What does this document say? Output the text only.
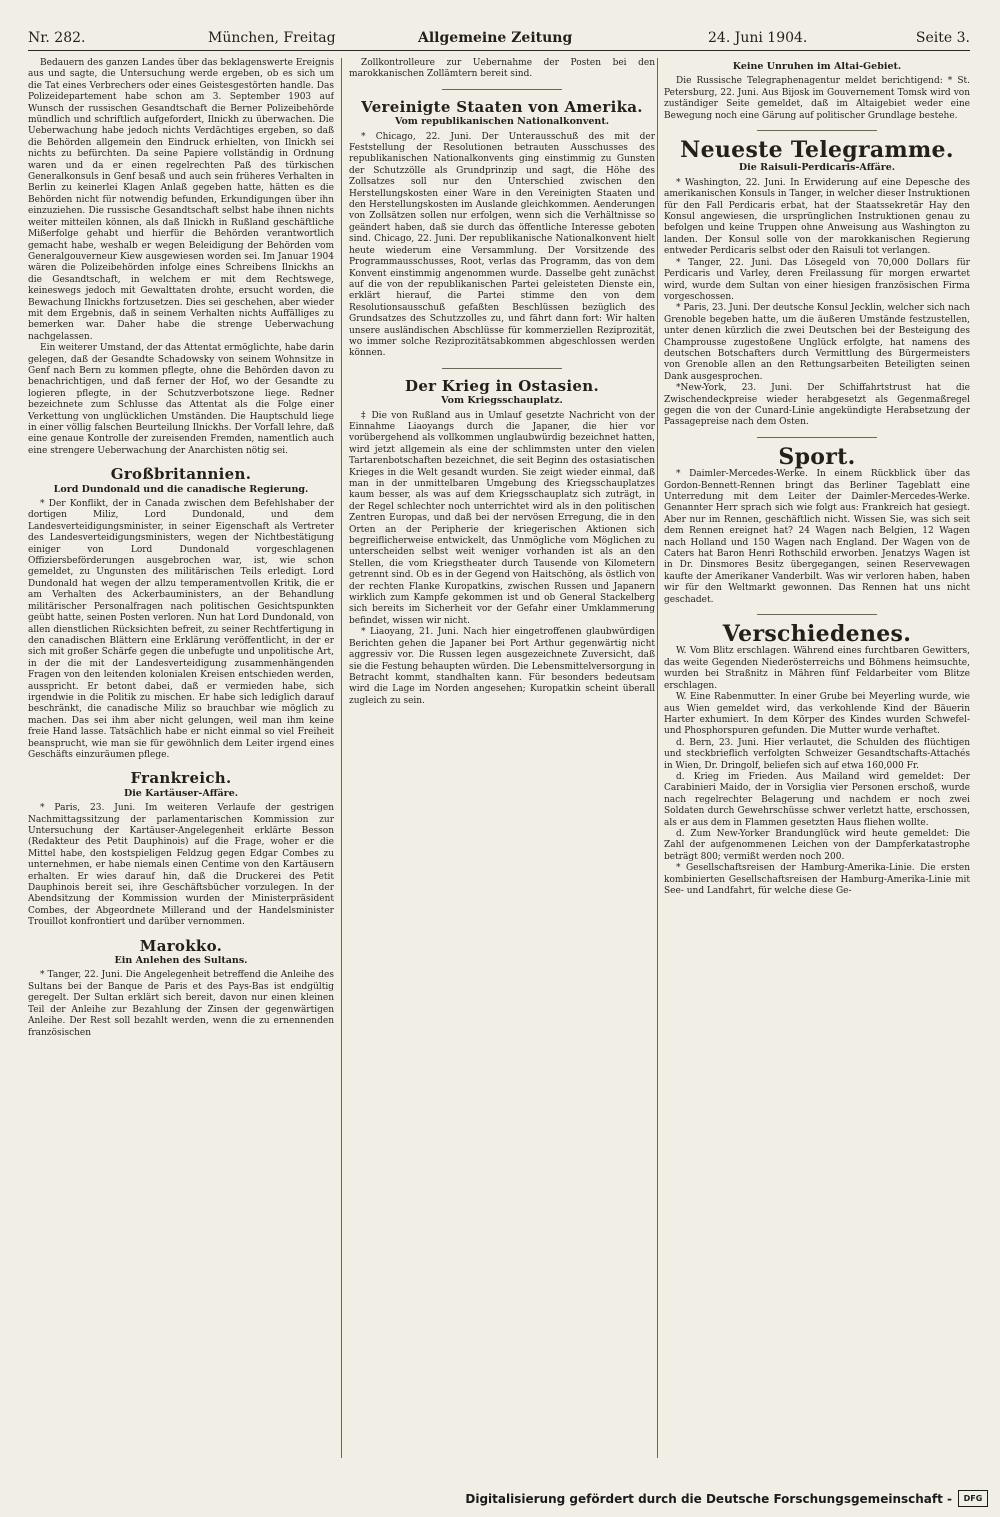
Nr. 282.	München, Freitag	Allgemeine Zeitung	24. Juni 1904.	Seite 3.

Bedauern des ganzen Landes über das beklagenswerte Ereignis aus und sagte, die Untersuchung werde ergeben, ob es sich um die Tat eines Verbrechers oder eines Geistesgestörten handle. Das Polizeidepartement habe schon am 3. September 1903 auf Wunsch der russischen Gesandtschaft die Berner Polizeibehörde mündlich und schriftlich aufgefordert, Ilnickh zu überwachen. Die Ueberwachung habe jedoch nichts Verdächtiges ergeben, so daß die Behörden allgemein den Eindruck erhielten, von Ilnickh sei nichts zu befürchten. Da seine Papiere vollständig in Ordnung waren und da er einen regelrechten Paß des türkischen Generalkonsuls in Genf besaß und auch sein früheres Verhalten in Berlin zu keinerlei Klagen Anlaß gegeben hatte, hätten es die Behörden nicht für notwendig befunden, Erkundigungen über ihn einzuziehen. Die russische Gesandtschaft selbst habe ihnen nichts weiter mitteilen können, als daß Ilnickh in Rußland geschäftliche Mißerfolge gehabt und hierfür die Behörden verantwortlich gemacht habe, weshalb er wegen Beleidigung der Behörden vom Generalgouverneur Kiew ausgewiesen worden sei. Im Januar 1904 wären die Polizeibehörden infolge eines Schreibens Ilnickhs an die Gesandtschaft, in welchem er mit dem Rechtswege, keineswegs jedoch mit Gewalttaten drohte, ersucht worden, die Bewachung Ilnickhs fortzusetzen. Dies sei geschehen, aber wieder mit dem Ergebnis, daß in seinem Verhalten nichts Auffälliges zu bemerken war. Daher habe die strenge Ueberwachung nachgelassen.

Ein weiterer Umstand, der das Attentat ermöglichte, habe darin gelegen, daß der Gesandte Schadowsky von seinem Wohnsitze in Genf nach Bern zu kommen pflegte, ohne die Behörden davon zu benachrichtigen, und daß ferner der Hof, wo der Gesandte zu logieren pflegte, in der Schutzverbotszone liege. Redner bezeichnete zum Schlusse das Attentat als die Folge einer Verkettung von unglücklichen Umständen. Die Hauptschuld liege in einer völlig falschen Beurteilung Ilnickhs. Der Vorfall lehre, daß eine genaue Kontrolle der zureisenden Fremden, namentlich auch eine strengere Ueberwachung der Anarchisten nötig sei.

Großbritannien.
Lord Dundonald und die canadische Regierung.

* Der Konflikt, der in Canada zwischen dem Befehlshaber der dortigen Miliz, Lord Dundonald, und dem Landesverteidigungsminister, in seiner Eigenschaft als Vertreter des Landesverteidigungsministers, wegen der Nichtbestätigung einiger von Lord Dundonald vorgeschlagenen Offiziersbeförderungen ausgebrochen war, ist, wie schon gemeldet, zu Ungunsten des militärischen Teils erledigt. Lord Dundonald hat wegen der allzu temperamentvollen Kritik, die er am Verhalten des Ackerbauministers, an der Behandlung militärischer Personalfragen nach politischen Gesichtspunkten geübt hatte, seinen Posten verloren. Nun hat Lord Dundonald, von allen dienstlichen Rücksichten befreit, zu seiner Rechtfertigung in den canadischen Blättern eine Erklärung veröffentlicht, in der er sich mit großer Schärfe gegen die unbefugte und unpolitische Art, in der die mit der Landesverteidigung zusammenhängenden Fragen von den leitenden kolonialen Kreisen entschieden werden, ausspricht. Er betont dabei, daß er vermieden habe, sich irgendwie in die Politik zu mischen. Er habe sich lediglich darauf beschränkt, die canadische Miliz so brauchbar wie möglich zu machen. Das sei ihm aber nicht gelungen, weil man ihm keine freie Hand lasse. Tatsächlich habe er nicht einmal so viel Freiheit beansprucht, wie man sie für gewöhnlich dem Leiter irgend eines Geschäfts einzuräumen pflege.

Frankreich.
Die Kartäuser-Affäre.

* Paris, 23. Juni. Im weiteren Verlaufe der gestrigen Nachmittagssitzung der parlamentarischen Kommission zur Untersuchung der Kartäuser-Angelegenheit erklärte Besson (Redakteur des Petit Dauphinois) auf die Frage, woher er die Mittel habe, den kostspieligen Feldzug gegen Edgar Combes zu unternehmen, er habe niemals einen Centime von den Kartäusern erhalten. Er wies darauf hin, daß die Druckerei des Petit Dauphinois bereit sei, ihre Geschäftsbücher vorzulegen. In der Abendsitzung der Kommission wurden der Ministerpräsident Combes, der Abgeordnete Millerand und der Handelsminister Trouillot konfrontiert und darüber vernommen.

Marokko.
Ein Anlehen des Sultans.

* Tanger, 22. Juni. Die Angelegenheit betreffend die Anleihe des Sultans bei der Banque de Paris et des Pays-Bas ist endgültig geregelt. Der Sultan erklärt sich bereit, davon nur einen kleinen Teil der Anleihe zur Bezahlung der Zinsen der gegenwärtigen Anleihe. Der Rest soll bezahlt werden, wenn die zu ernennenden französischen

Zollkontrolleure zur Uebernahme der Posten bei den marokkanischen Zollämtern bereit sind.

Vereinigte Staaten von Amerika.
Vom republikanischen Nationalkonvent.

* Chicago, 22. Juni. Der Unterausschuß des mit der Feststellung der Resolutionen betrauten Ausschusses des republikanischen Nationalkonvents ging einstimmig zu Gunsten der Schutzzölle als Grundprinzip und sagt, die Höhe des Zollsatzes soll nur den Unterschied zwischen den Herstellungskosten einer Ware in den Vereinigten Staaten und den Herstellungskosten im Auslande gleichkommen. Aenderungen von Zollsätzen sollen nur erfolgen, wenn sich die Verhältnisse so geändert haben, daß sie durch das öffentliche Interesse geboten sind. Chicago, 22. Juni. Der republikanische Nationalkonvent hielt heute wiederum eine Versammlung. Der Vorsitzende des Programmausschusses, Root, verlas das Programm, das von dem Konvent einstimmig angenommen wurde. Dasselbe geht zunächst auf die von der republikanischen Partei geleisteten Dienste ein, erklärt hierauf, die Partei stimme den von dem Resolutionsausschuß gefaßten Beschlüssen bezüglich des Grundsatzes des Schutzzolles zu, und fährt dann fort: Wir halten unsere ausländischen Abschlüsse für kommerziellen Reziprozität, wo immer solche Reziprozitätsabkommen abgeschlossen werden können.

Der Krieg in Ostasien.
Vom Kriegsschauplatz.

‡ Die von Rußland aus in Umlauf gesetzte Nachricht von der Einnahme Liaoyangs durch die Japaner, die hier vor vorübergehend als vollkommen unglaubwürdig bezeichnet hatten, wird jetzt allgemein als eine der schlimmsten unter den vielen Tartarenbotschaften bezeichnet, die seit Beginn des ostasiatischen Krieges in die Welt gesandt wurden. Sie zeigt wieder einmal, daß man in der unmittelbaren Umgebung des Kriegsschauplatzes kaum besser, als was auf dem Kriegsschauplatz sich zuträgt, in der Regel schlechter noch unterrichtet wird als in den politischen Zentren Europas, und daß bei der nervösen Erregung, die in den Orten an der Peripherie der kriegerischen Aktionen sich begreiflicherweise entwickelt, das Unmögliche vom Möglichen zu unterscheiden selbst weit weniger vorhanden ist als an den Stellen, die vom Kriegstheater durch Tausende von Kilometern getrennt sind. Ob es in der Gegend von Haitschöng, als östlich von der rechten Flanke Kuropatkins, zwischen Russen und Japanern wirklich zum Kampfe gekommen ist und ob General Stackelberg sich bereits im Sicherheit vor der Gefahr einer Umklammerung befindet, wissen wir nicht.

* Liaoyang, 21. Juni. Nach hier eingetroffenen glaubwürdigen Berichten gehen die Japaner bei Port Arthur gegenwärtig nicht aggressiv vor. Die Russen legen ausgezeichnete Zuversicht, daß sie die Festung behaupten würden. Die Lebensmittelversorgung in Betracht kommt, standhalten kann. Für besonders bedeutsam wird die Lage im Norden angesehen; Kuropatkin scheint überall zugleich zu sein.

Keine Unruhen im Altai-Gebiet.

Die Russische Telegraphenagentur meldet berichtigend: * St. Petersburg, 22. Juni. Aus Bijosk im Gouvernement Tomsk wird von zuständiger Seite gemeldet, daß im Altaigebiet weder eine Bewegung noch eine Gärung auf politischer Grundlage bestehe.

Neueste Telegramme.
Die Raisuli-Perdicaris-Affäre.

* Washington, 22. Juni. In Erwiderung auf eine Depesche des amerikanischen Konsuls in Tanger, in welcher dieser Instruktionen für den Fall Perdicaris erbat, hat der Staatssekretär Hay den Konsul angewiesen, die ursprünglichen Instruktionen genau zu befolgen und keine Truppen ohne Anweisung aus Washington zu landen. Der Konsul solle von der marokkanischen Regierung entweder Perdicaris selbst oder den Raisuli tot verlangen.

* Tanger, 22. Juni. Das Lösegeld von 70,000 Dollars für Perdicaris und Varley, deren Freilassung für morgen erwartet wird, wurde dem Sultan von einer hiesigen französischen Firma vorgeschossen.

* Paris, 23. Juni. Der deutsche Konsul Jecklin, welcher sich nach Grenoble begeben hatte, um die äußeren Umstände festzustellen, unter denen kürzlich die zwei Deutschen bei der Besteigung des Champrousse zugestoßene Unglück erfolgte, hat namens des deutschen Botschafters durch Vermittlung des Bürgermeisters von Grenoble allen an den Rettungsarbeiten Beteiligten seinen Dank ausgesprochen.

*New-York, 23. Juni. Der Schiffahrtstrust hat die Zwischendeckpreise wieder herabgesetzt als Gegenmaßregel gegen die von der Cunard-Linie angekündigte Herabsetzung der Passagepreise nach dem Osten.

Sport.

* Daimler-Mercedes-Werke. In einem Rückblick über das Gordon-Bennett-Rennen bringt das Berliner Tageblatt eine Unterredung mit dem Leiter der Daimler-Mercedes-Werke. Genannter Herr sprach sich wie folgt aus: Frankreich hat gesiegt. Aber nur im Rennen, geschäftlich nicht. Wissen Sie, was sich seit dem Rennen ereignet hat? 24 Wagen nach Belgien, 12 Wagen nach Holland und 150 Wagen nach England. Der Wagen von de Caters hat Baron Henri Rothschild erworben. Jenatzys Wagen ist in Dr. Dinsmores Besitz übergegangen, seinen Reservewagen kaufte der Amerikaner Vanderbilt. Was wir verloren haben, haben wir für den Weltmarkt gewonnen. Das Rennen hat uns nicht geschadet.

Verschiedenes.

W. Vom Blitz erschlagen. Während eines furchtbaren Gewitters, das weite Gegenden Niederösterreichs und Böhmens heimsuchte, wurden bei Straßnitz in Mähren fünf Feldarbeiter vom Blitze erschlagen.

W. Eine Rabenmutter. In einer Grube bei Meyerling wurde, wie aus Wien gemeldet wird, das verkohlende Kind der Bäuerin Harter exhumiert. In dem Körper des Kindes wurden Schwefel- und Phosphorspuren gefunden. Die Mutter wurde verhaftet.

d. Bern, 23. Juni. Hier verlautet, die Schulden des flüchtigen und steckbrieflich verfolgten Schweizer Gesandtschafts-Attachés in Wien, Dr. Dringolf, beliefen sich auf etwa 160,000 Fr.

d. Krieg im Frieden. Aus Mailand wird gemeldet: Der Carabinieri Maido, der in Vorsiglia vier Personen erschoß, wurde nach regelrechter Belagerung und nachdem er noch zwei Soldaten durch Gewehrschüsse schwer verletzt hatte, erschossen, als er aus dem in Flammen gesetzten Haus fliehen wollte.

d. Zum New-Yorker Brandunglück wird heute gemeldet: Die Zahl der aufgenommenen Leichen von der Dampferkatastrophe beträgt 800; vermißt werden noch 200.

* Gesellschaftsreisen der Hamburg-Amerika-Linie. Die ersten kombinierten Gesellschaftsreisen der Hamburg-Amerika-Linie mit See- und Landfahrt, für welche diese Ge-

Digitalisierung gefördert durch die Deutsche Forschungsgemeinschaft -	DFG
